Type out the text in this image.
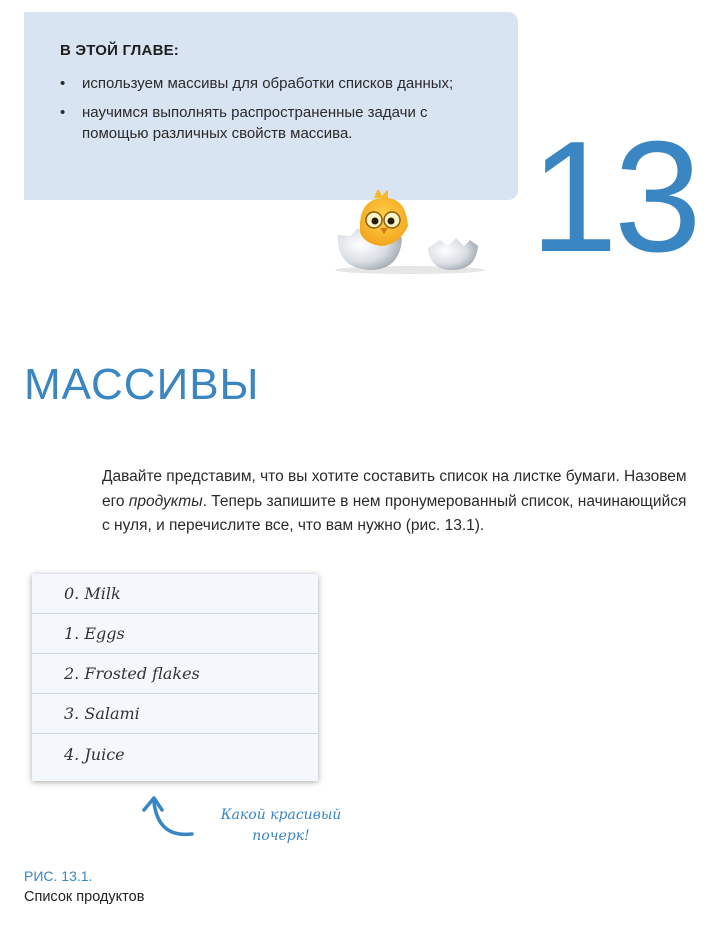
В ЭТОЙ ГЛАВЕ:
• используем массивы для обработки списков данных;
• научимся выполнять распространенные задачи с помощью различных свойств массива.	13
МАССИВЫ

Давайте представим, что вы хотите составить список на листке бумаги. Назовем его продукты. Теперь запишите в нем пронумерованный список, начинающийся с нуля, и перечислите все, что вам нужно (рис. 13.1).

0. Milk
1. Eggs
2. Frosted flakes
3. Salami
4. Juice
Какой красивый почерк!
РИС. 13.1.
Список продуктов
